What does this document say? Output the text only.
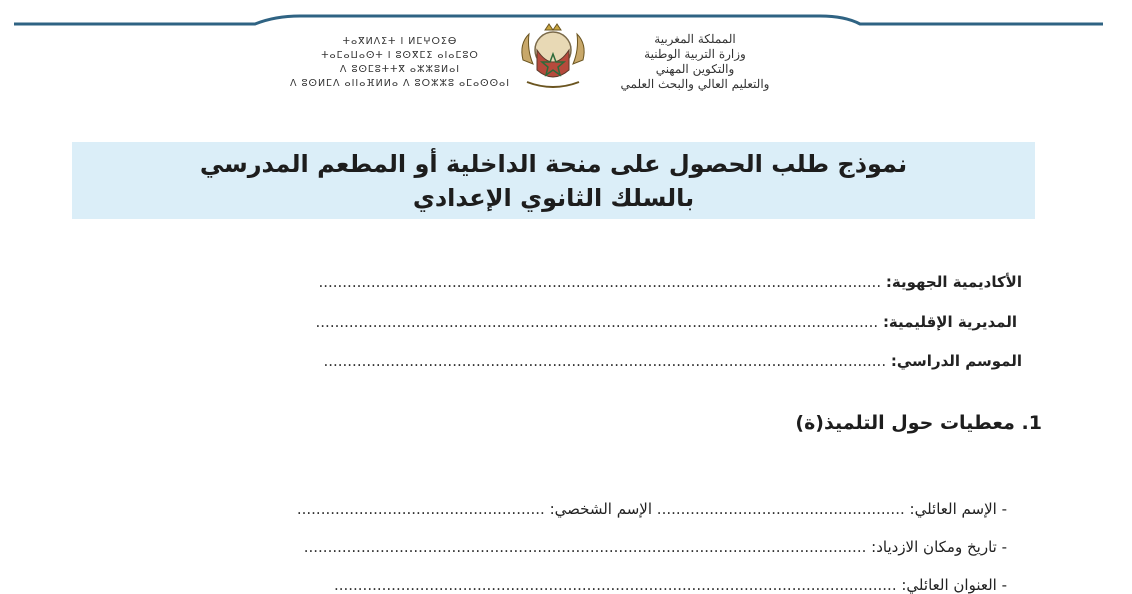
المملكة المغربية
وزارة التربية الوطنية
والتكوين المهني
والتعليم العالي والبحث العلمي
ⵜⴰⴳⵍⴷⵉⵜ ⵏ ⵍⵎⵖⵔⵉⴱ
ⵜⴰⵎⴰⵡⴰⵙⵜ ⵏ ⵓⵙⴳⵎⵉ ⴰⵏⴰⵎⵓⵔ
ⴷ ⵓⵙⵎⵓⵜⵜⴳ ⴰⵣⵣⵓⵍⴰⵏ
ⴷ ⵓⵙⵍⵎⴷ ⴰⵏⵏⴰⴼⵍⵍⴰ ⴷ ⵓⵔⵣⵣⵓ ⴰⵎⴰⵙⵙⴰⵏ
نموذج طلب الحصول على منحة الداخلية أو المطعم المدرسي
بالسلك الثانوي الإعدادي
الأكاديمية الجهوية: ......................................................................................................................
المديرية الإقليمية: ......................................................................................................................
الموسم الدراسي: ......................................................................................................................
1. معطيات حول التلميذ(ة)
- الإسم العائلي: .................................................... الإسم الشخصي: ....................................................
- تاريخ ومكان الازدياد: ......................................................................................................................
- العنوان العائلي: ......................................................................................................................
